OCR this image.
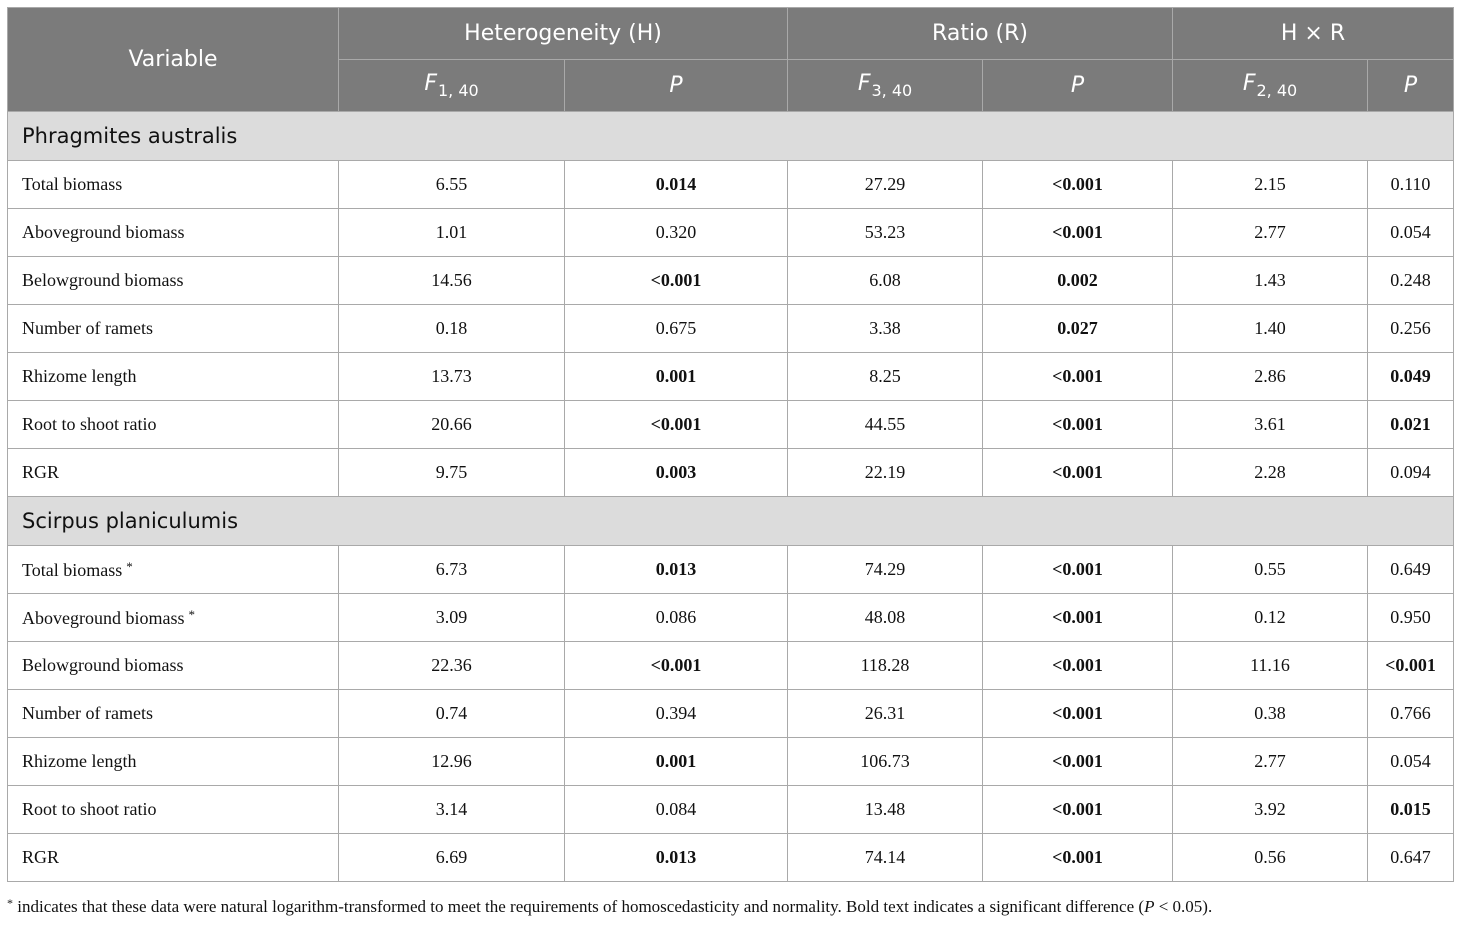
Variable	Heterogeneity (H)		Ratio (R)		H × R	
	$F_{1, 40}$	P	$F_{3, 40}$	P	$F_{2, 40}$	P
Phragmites australis						
Total biomass	6.55	0.014	27.29	<0.001	2.15	0.110
Aboveground biomass	1.01	0.320	53.23	<0.001	2.77	0.054
Belowground biomass	14.56	<0.001	6.08	0.002	1.43	0.248
Number of ramets	0.18	0.675	3.38	0.027	1.40	0.256
Rhizome length	13.73	0.001	8.25	<0.001	2.86	0.049
Root to shoot ratio	20.66	<0.001	44.55	<0.001	3.61	0.021
RGR	9.75	0.003	22.19	<0.001	2.28	0.094
Scirpus planiculumis						
Total biomass *	6.73	0.013	74.29	<0.001	0.55	0.649
Aboveground biomass *	3.09	0.086	48.08	<0.001	0.12	0.950
Belowground biomass	22.36	<0.001	118.28	<0.001	11.16	<0.001
Number of ramets	0.74	0.394	26.31	<0.001	0.38	0.766
Rhizome length	12.96	0.001	106.73	<0.001	2.77	0.054
Root to shoot ratio	3.14	0.084	13.48	<0.001	3.92	0.015
RGR	6.69	0.013	74.14	<0.001	0.56	0.647
* indicates that these data were natural logarithm-transformed to meet the requirements of homoscedasticity and normality. Bold text indicates a significant difference (P < 0.05).
